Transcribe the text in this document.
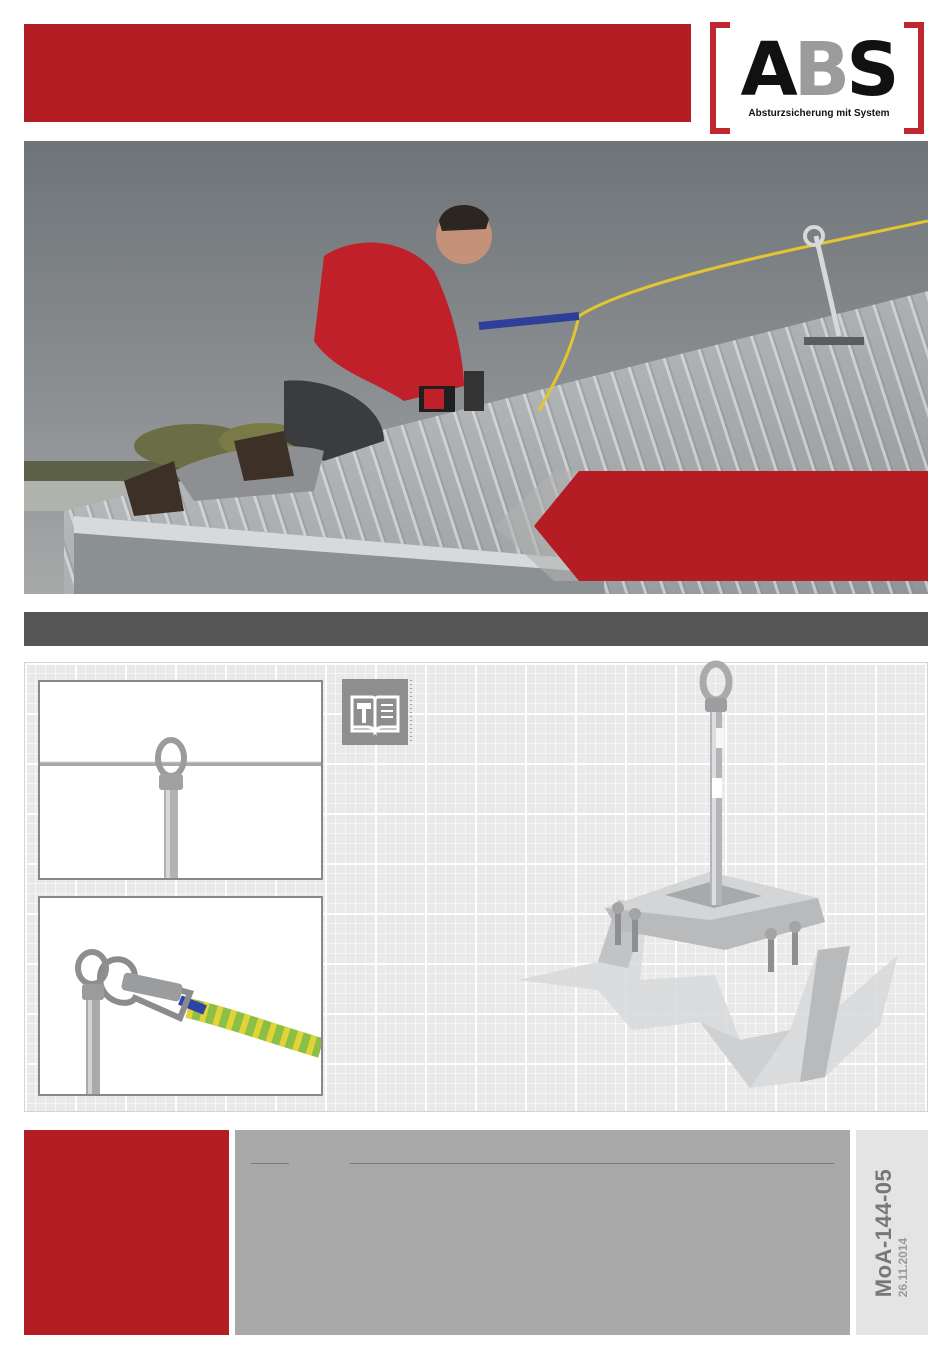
ABS
Absturzsicherung mit System
MoA-144-05 26.11.2014
